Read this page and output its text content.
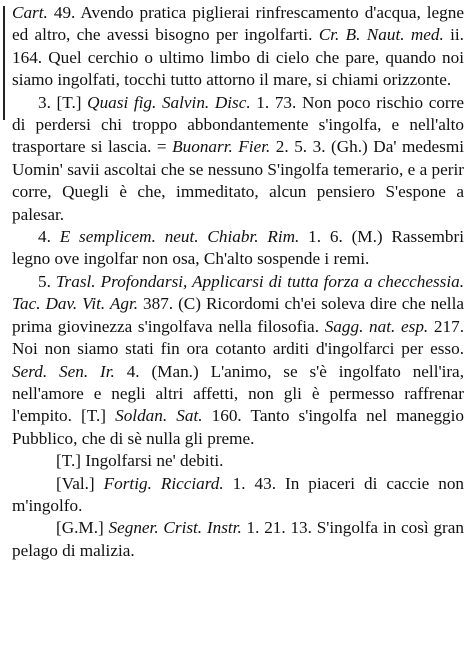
Cart. 49. Avendo pratica piglierai rinfrescamento d'acqua, legne ed altro, che avessi bisogno per ingolfarti. Cr. B. Naut. med. ii. 164. Quel cerchio o ultimo limbo di cielo che pare, quando noi siamo ingolfati, tocchi tutto attorno il mare, si chiami orizzonte.

3. [T.] Quasi fig. Salvin. Disc. 1. 73. Non poco rischio corre di perdersi chi troppo abbondantemente s'ingolfa, e nell'alto trasportare si lascia. = Buonarr. Fier. 2. 5. 3. (Gh.) Da' medesmi Uomin' savii ascoltai che se nessuno S'ingolfa temerario, e a perir corre, Quegli è che, immeditato, alcun pensiero S'espone a palesar.

4. E semplicem. neut. Chiabr. Rim. 1. 6. (M.) Rassembri legno ove ingolfar non osa, Ch'alto sospende i remi.

5. Trasl. Profondarsi, Applicarsi di tutta forza a checchessia. Tac. Dav. Vit. Agr. 387. (C) Ricordomi ch'ei soleva dire che nella prima giovinezza s'ingolfava nella filosofia. Sagg. nat. esp. 217. Noi non siamo stati fin ora cotanto arditi d'ingolfarci per esso. Serd. Sen. Ir. 4. (Man.) L'animo, se s'è ingolfato nell'ira, nell'amore e negli altri affetti, non gli è permesso raffrenar l'empito. [T.] Soldan. Sat. 160. Tanto s'ingolfa nel maneggio Pubblico, che di sè nulla gli preme.

[T.] Ingolfarsi ne' debiti.

[Val.] Fortig. Ricciard. 1. 43. In piaceri di caccie non m'ingolfo.

[G.M.] Segner. Crist. Instr. 1. 21. 13. S'ingolfa in così gran pelago di malizia.
